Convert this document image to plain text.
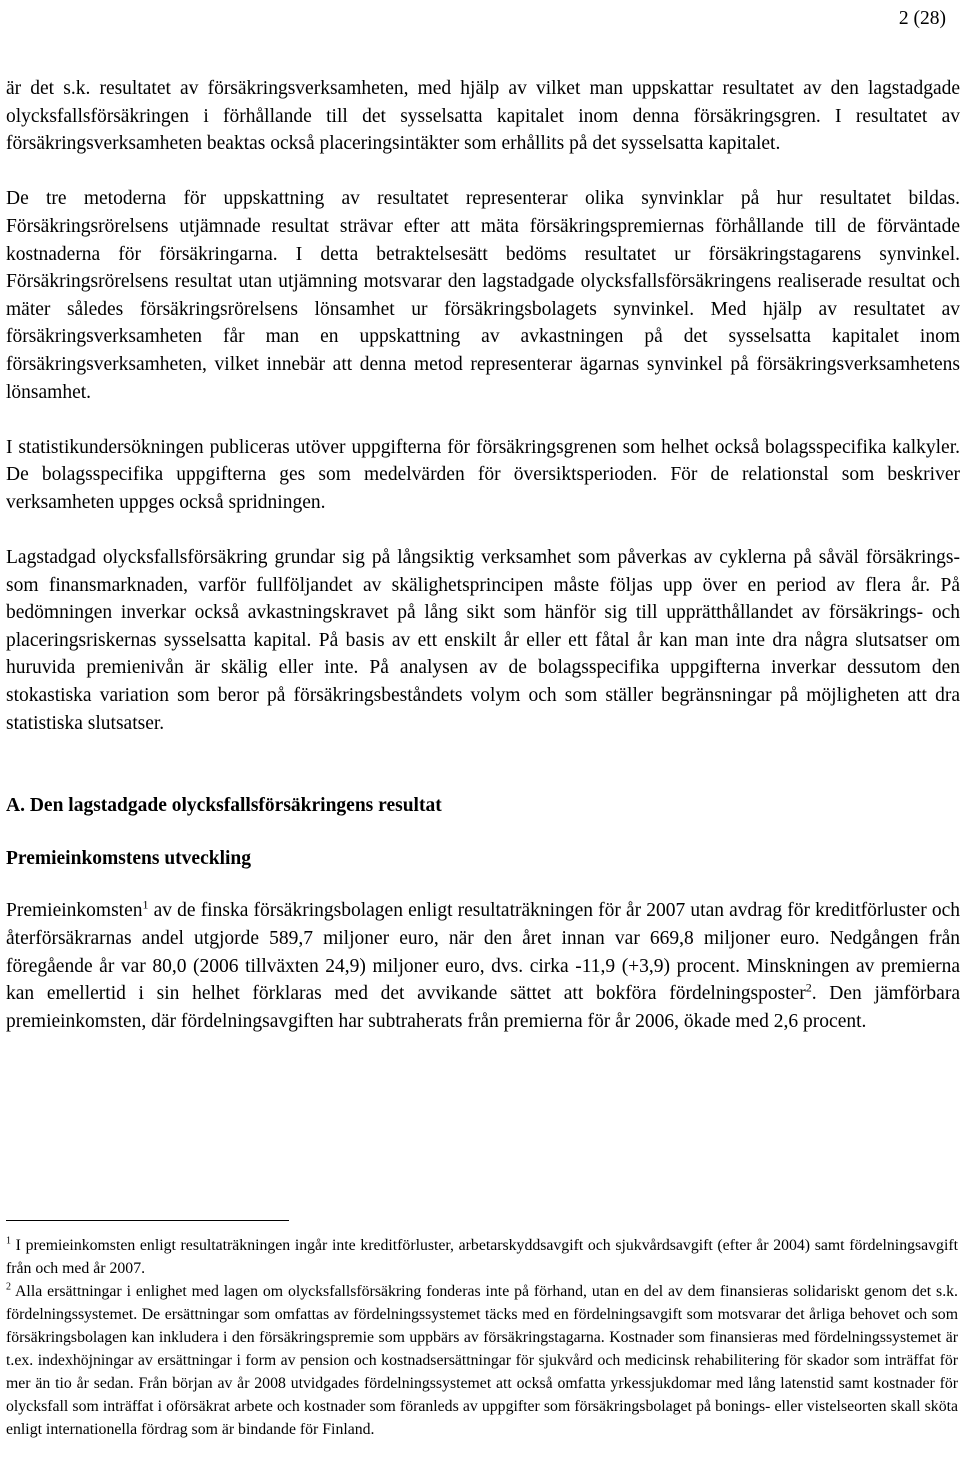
2 (28)

är det s.k. resultatet av försäkringsverksamheten, med hjälp av vilket man uppskattar resultatet av den lagstadgade olycksfallsförsäkringen i förhållande till det sysselsatta kapitalet inom denna försäkringsgren. I resultatet av försäkringsverksamheten beaktas också placeringsintäkter som erhållits på det sysselsatta kapitalet.

De tre metoderna för uppskattning av resultatet representerar olika synvinklar på hur resultatet bildas. Försäkringsrörelsens utjämnade resultat strävar efter att mäta försäkringspremiernas förhållande till de förväntade kostnaderna för försäkringarna. I detta betraktelsesätt bedöms resultatet ur försäkringstagarens synvinkel. Försäkringsrörelsens resultat utan utjämning motsvarar den lagstadgade olycksfallsförsäkringens realiserade resultat och mäter således försäkringsrörelsens lönsamhet ur försäkringsbolagets synvinkel. Med hjälp av resultatet av försäkringsverksamheten får man en uppskattning av avkastningen på det sysselsatta kapitalet inom försäkringsverksamheten, vilket innebär att denna metod representerar ägarnas synvinkel på försäkringsverksamhetens lönsamhet.

I statistikundersökningen publiceras utöver uppgifterna för försäkringsgrenen som helhet också bolagsspecifika kalkyler. De bolagsspecifika uppgifterna ges som medelvärden för översiktsperioden. För de relationstal som beskriver verksamheten uppges också spridningen.

Lagstadgad olycksfallsförsäkring grundar sig på långsiktig verksamhet som påverkas av cyklerna på såväl försäkrings- som finansmarknaden, varför fullföljandet av skälighetsprincipen måste följas upp över en period av flera år. På bedömningen inverkar också avkastningskravet på lång sikt som hänför sig till upprätthållandet av försäkrings- och placeringsriskernas sysselsatta kapital. På basis av ett enskilt år eller ett fåtal år kan man inte dra några slutsatser om huruvida premienivån är skälig eller inte. På analysen av de bolagsspecifika uppgifterna inverkar dessutom den stokastiska variation som beror på försäkringsbeståndets volym och som ställer begränsningar på möjligheten att dra statistiska slutsatser.

A. Den lagstadgade olycksfallsförsäkringens resultat
Premieinkomstens utveckling

Premieinkomsten$^1$ av de finska försäkringsbolagen enligt resultaträkningen för år 2007 utan avdrag för kreditförluster och återförsäkrarnas andel utgjorde 589,7 miljoner euro, när den året innan var 669,8 miljoner euro. Nedgången från föregående år var 80,0 (2006 tillväxten 24,9) miljoner euro, dvs. cirka -11,9 (+3,9) procent. Minskningen av premierna kan emellertid i sin helhet förklaras med det avvikande sättet att bokföra fördelningsposter$^2$. Den jämförbara premieinkomsten, där fördelningsavgiften har subtraherats från premierna för år 2006, ökade med 2,6 procent.

$^1$ I premieinkomsten enligt resultaträkningen ingår inte kreditförluster, arbetarskyddsavgift och sjukvårdsavgift (efter år 2004) samt fördelningsavgift från och med år 2007.

$^2$ Alla ersättningar i enlighet med lagen om olycksfallsförsäkring fonderas inte på förhand, utan en del av dem finansieras solidariskt genom det s.k. fördelningssystemet. De ersättningar som omfattas av fördelningssystemet täcks med en fördelningsavgift som motsvarar det årliga behovet och som försäkringsbolagen kan inkludera i den försäkringspremie som uppbärs av försäkringstagarna. Kostnader som finansieras med fördelningssystemet är t.ex. indexhöjningar av ersättningar i form av pension och kostnadsersättningar för sjukvård och medicinsk rehabilitering för skador som inträffat för mer än tio år sedan. Från början av år 2008 utvidgades fördelningssystemet att också omfatta yrkessjukdomar med lång latenstid samt kostnader för olycksfall som inträffat i oförsäkrat arbete och kostnader som föranleds av uppgifter som försäkringsbolaget på bonings- eller vistelseorten skall sköta enligt internationella fördrag som är bindande för Finland.
